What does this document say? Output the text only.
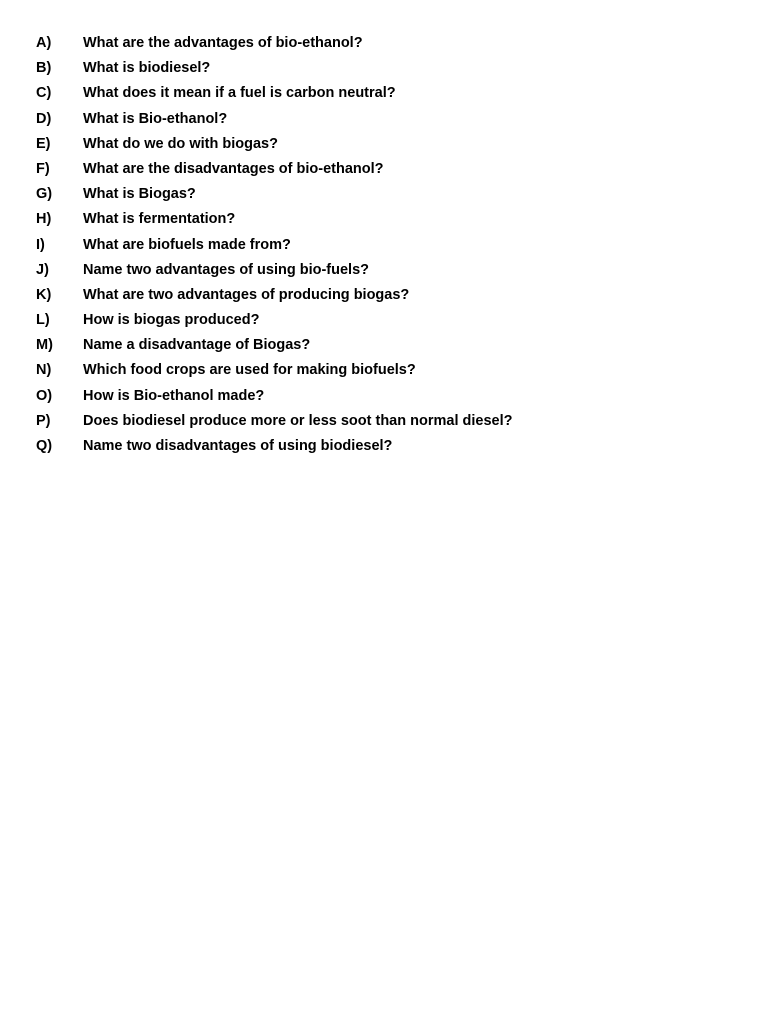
A)	What are the advantages of bio-ethanol?
B)	What is biodiesel?
C)	What does it mean if a fuel is carbon neutral?
D)	What is Bio-ethanol?
E)	What do we do with biogas?
F)	What are the disadvantages of bio-ethanol?
G)	What is Biogas?
H)	What is fermentation?
I)	What are biofuels made from?
J)	Name two advantages of using bio-fuels?
K)	What are two advantages of producing biogas?
L)	How is biogas produced?
M)	Name a disadvantage of Biogas?
N)	Which food crops are used for making biofuels?
O)	How is Bio-ethanol made?
P)	Does biodiesel produce more or less soot than normal diesel?
Q)	Name two disadvantages of using biodiesel?
